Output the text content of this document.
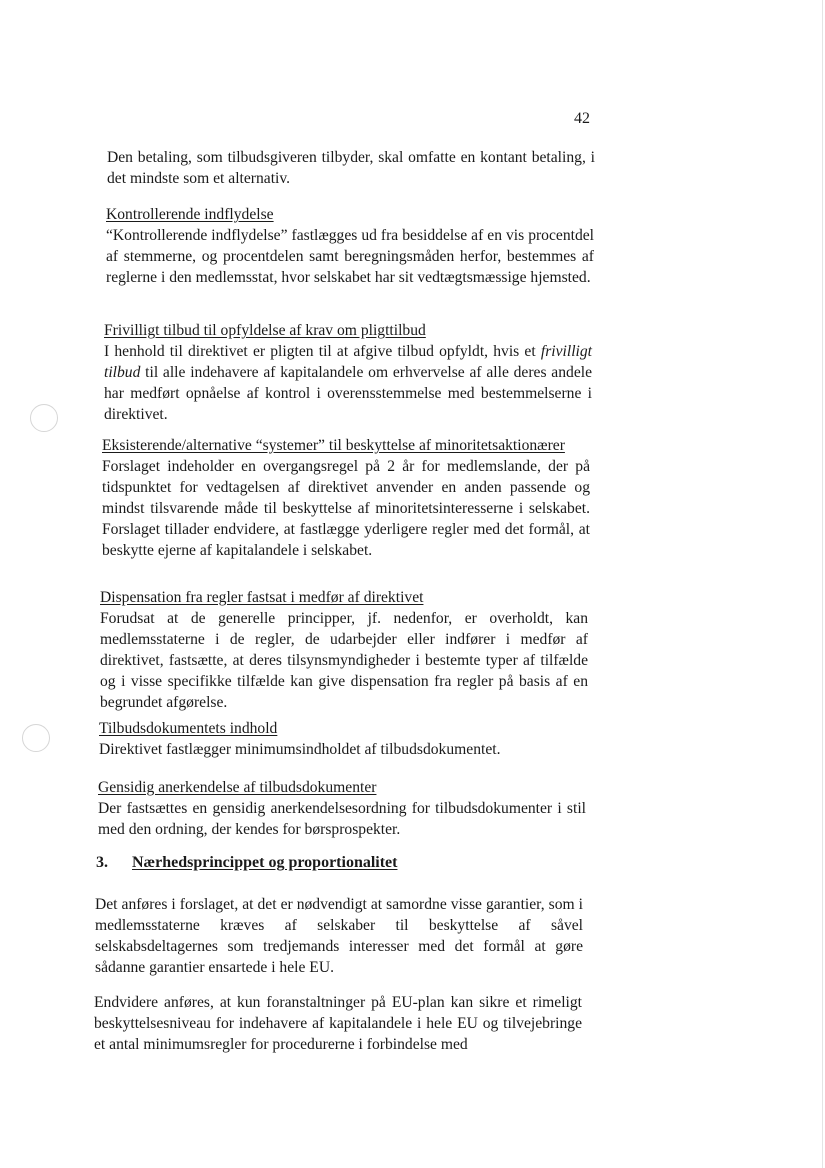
42

Den betaling, som tilbudsgiveren tilbyder, skal omfatte en kontant betaling, i det mindste som et alternativ.

Kontrollerende indflydelse

“Kontrollerende indflydelse” fastlægges ud fra besiddelse af en vis procentdel af stemmerne, og procentdelen samt beregningsmåden herfor, bestemmes af reglerne i den medlemsstat, hvor selskabet har sit vedtægtsmæssige hjemsted.

Frivilligt tilbud til opfyldelse af krav om pligttilbud

I henhold til direktivet er pligten til at afgive tilbud opfyldt, hvis et frivilligt tilbud til alle indehavere af kapitalandele om erhvervelse af alle deres andele har medført opnåelse af kontrol i overensstemmelse med bestemmelserne i direktivet.

Eksisterende/alternative “systemer” til beskyttelse af minoritetsaktionærer

Forslaget indeholder en overgangsregel på 2 år for medlemslande, der på tidspunktet for vedtagelsen af direktivet anvender en anden passende og mindst tilsvarende måde til beskyttelse af minoritetsinteresserne i selskabet. Forslaget tillader endvidere, at fastlægge yderligere regler med det formål, at beskytte ejerne af kapitalandele i selskabet.

Dispensation fra regler fastsat i medfør af direktivet

Forudsat at de generelle principper, jf. nedenfor, er overholdt, kan medlemsstaterne i de regler, de udarbejder eller indfører i medfør af direktivet, fastsætte, at deres tilsynsmyndigheder i bestemte typer af tilfælde og i visse specifikke tilfælde kan give dispensation fra regler på basis af en begrundet afgørelse.

Tilbudsdokumentets indhold

Direktivet fastlægger minimumsindholdet af tilbudsdokumentet.

Gensidig anerkendelse af tilbudsdokumenter

Der fastsættes en gensidig anerkendelsesordning for tilbudsdokumenter i stil med den ordning, der kendes for børsprospekter.

3. Nærhedsprincippet og proportionalitet

Det anføres i forslaget, at det er nødvendigt at samordne visse garantier, som i medlemsstaterne kræves af selskaber til beskyttelse af såvel selskabsdeltagernes som tredjemands interesser med det formål at gøre sådanne garantier ensartede i hele EU.

Endvidere anføres, at kun foranstaltninger på EU-plan kan sikre et rimeligt beskyttelsesniveau for indehavere af kapitalandele i hele EU og tilvejebringe et antal minimumsregler for procedurerne i forbindelse med
